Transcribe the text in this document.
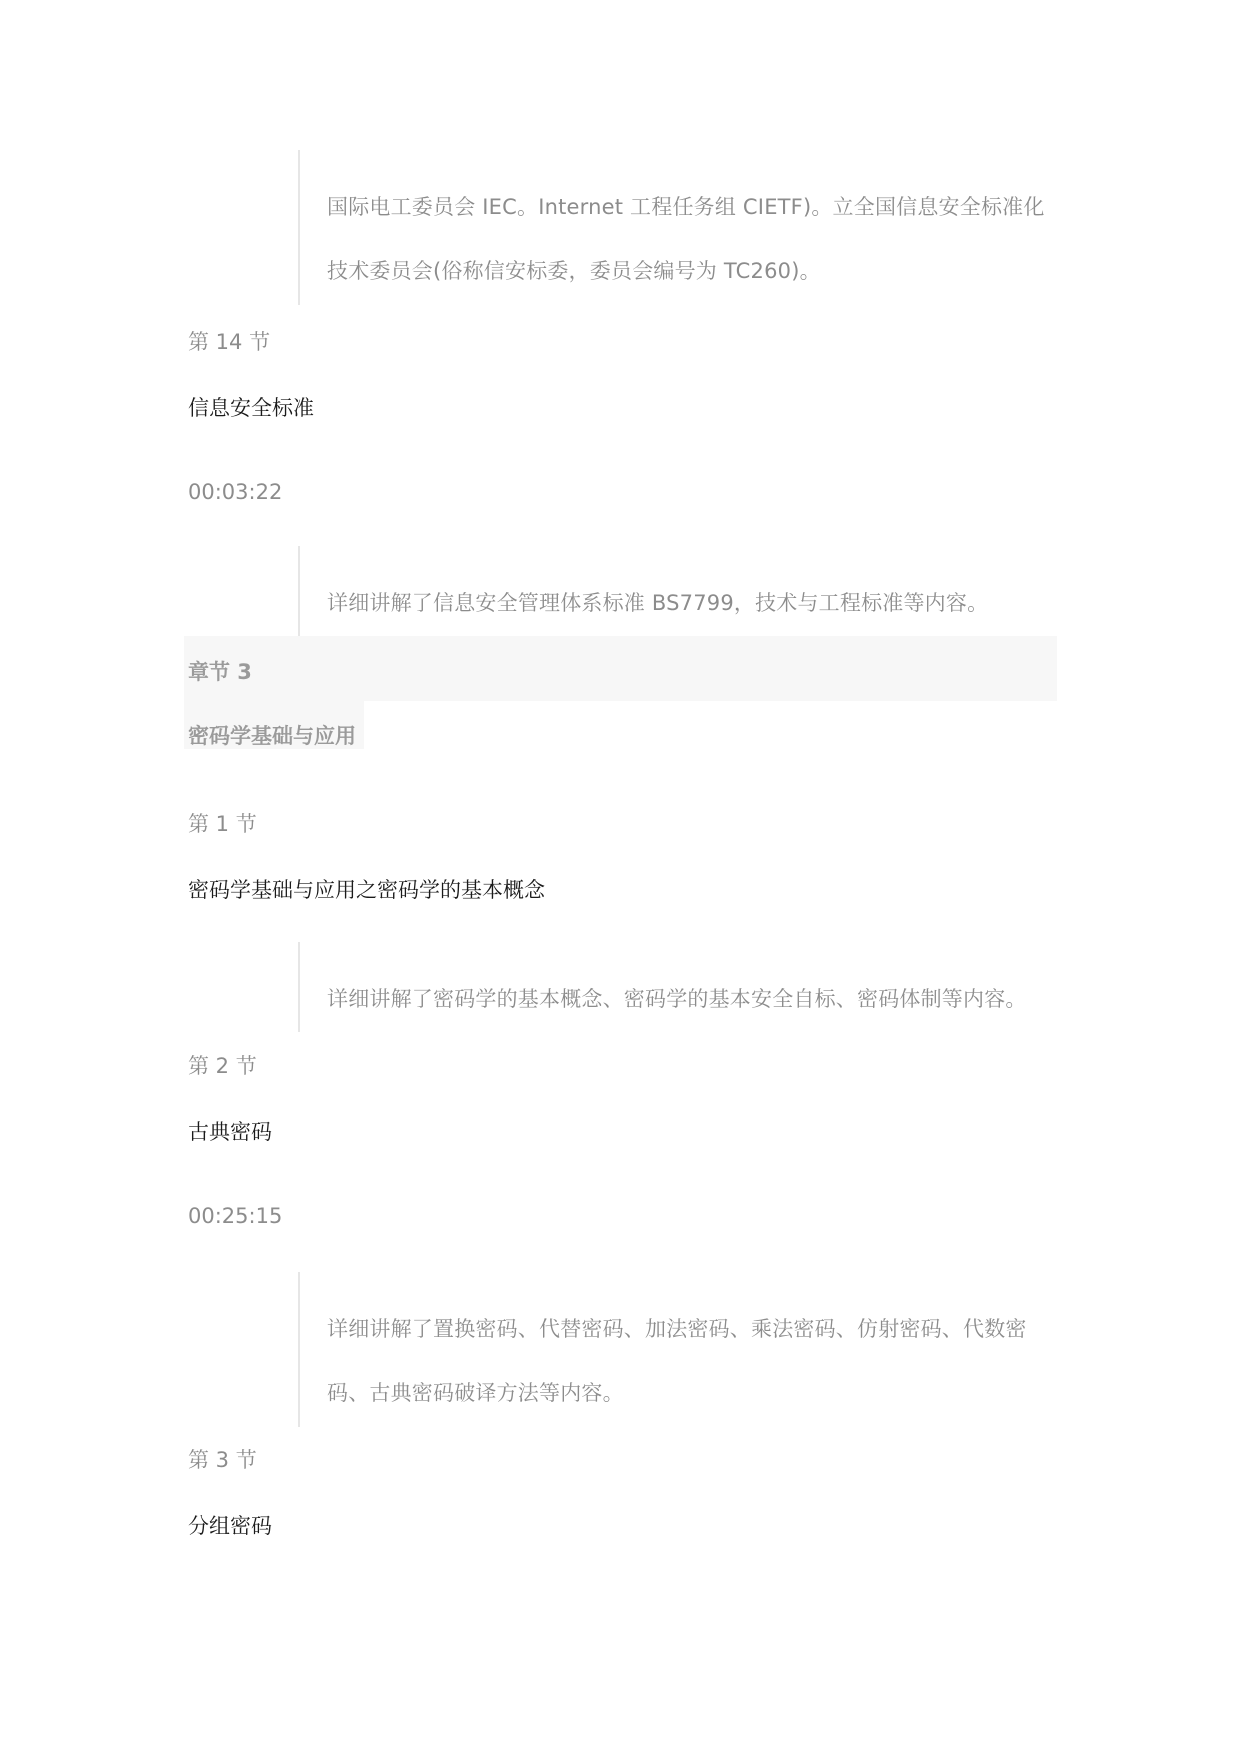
国际电工委员会 IEC。Internet 工程任务组 CIETF)。立全国信息安全标准化

技术委员会(俗称信安标委，委员会编号为 TC260)。

第 14 节

信息安全标准

00:03:22

详细讲解了信息安全管理体系标准 BS7799，技术与工程标准等内容。

章节 3

密码学基础与应用

第 1 节

密码学基础与应用之密码学的基本概念

详细讲解了密码学的基本概念、密码学的基本安全自标、密码体制等内容。

第 2 节

古典密码

00:25:15

详细讲解了置换密码、代替密码、加法密码、乘法密码、仿射密码、代数密

码、古典密码破译方法等内容。

第 3 节

分组密码
